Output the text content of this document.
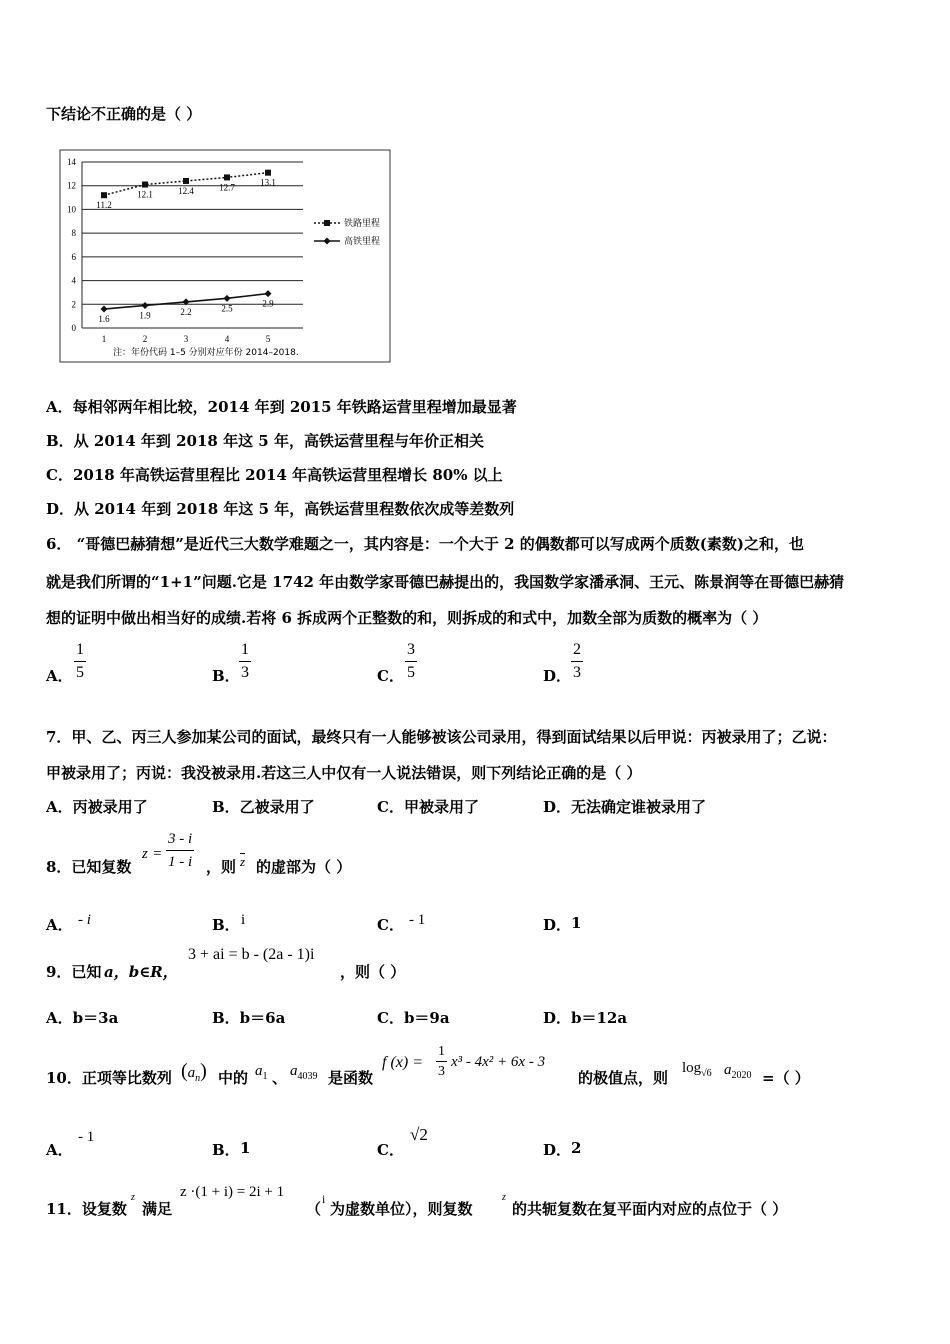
下结论不正确的是（ ）
0
2
4
6
8
10
12
14
1	2	3	4	5
11.2
12.1	12.4	12.7	13.1
1.6	1.9	2.2	2.5	2.9
铁路里程
高铁里程
注：年份代码 1–5 分别对应年份 2014–2018.
A．每相邻两年相比较，2014 年到 2015 年铁路运营里程增加最显著
B．从 2014 年到 2018 年这 5 年，高铁运营里程与年价正相关
C．2018 年高铁运营里程比 2014 年高铁运营里程增长 80% 以上
D．从 2014 年到 2018 年这 5 年，高铁运营里程数依次成等差数列
6． “哥德巴赫猜想”是近代三大数学难题之一，其内容是：一个大于 2 的偶数都可以写成两个质数(素数)之和，也
就是我们所谓的“1+1”问题.它是 1742 年由数学家哥德巴赫提出的，我国数学家潘承洞、王元、陈景润等在哥德巴赫猜
想的证明中做出相当好的成绩.若将 6 拆成两个正整数的和，则拆成的和式中，加数全部为质数的概率为（ ）
A．
1
5	B．
1
3	C．
3
5	D．
2
3
7．甲、乙、丙三人参加某公司的面试，最终只有一人能够被该公司录用，得到面试结果以后甲说：丙被录用了；乙说：
甲被录用了；丙说：我没被录用.若这三人中仅有一人说法错误，则下列结论正确的是（ ）
A．丙被录用了	B．乙被录用了	C．甲被录用了	D．无法确定谁被录用了
8．已知复数
z =
3 - i
1 - i ，则 z 的虚部为（ ）
A． - i	B． i	C． - 1	D． 1
9．已知 a，b∈R，
3 + ai = b - (2a - 1)i
，则（ ）
A．b＝3a	B．b＝6a	C．b＝9a	D．b＝12a
10．正项等比数列 $(a_n)$ 中的 $a_1$ 、 $a_{4039}$ 是函数
f (x) =
1
3
x³ - 4x² + 6x - 3
的极值点，则
$\log_{√6} a_{2020}$ =（ ）
A．
- 1
B． 1	C．
√2
D． 2
11．设复数
z
满足
z ·(1 + i) = 2i + 1
（
i
为虚数单位），则复数
z
的共轭复数在复平面内对应的点位于（ ）
